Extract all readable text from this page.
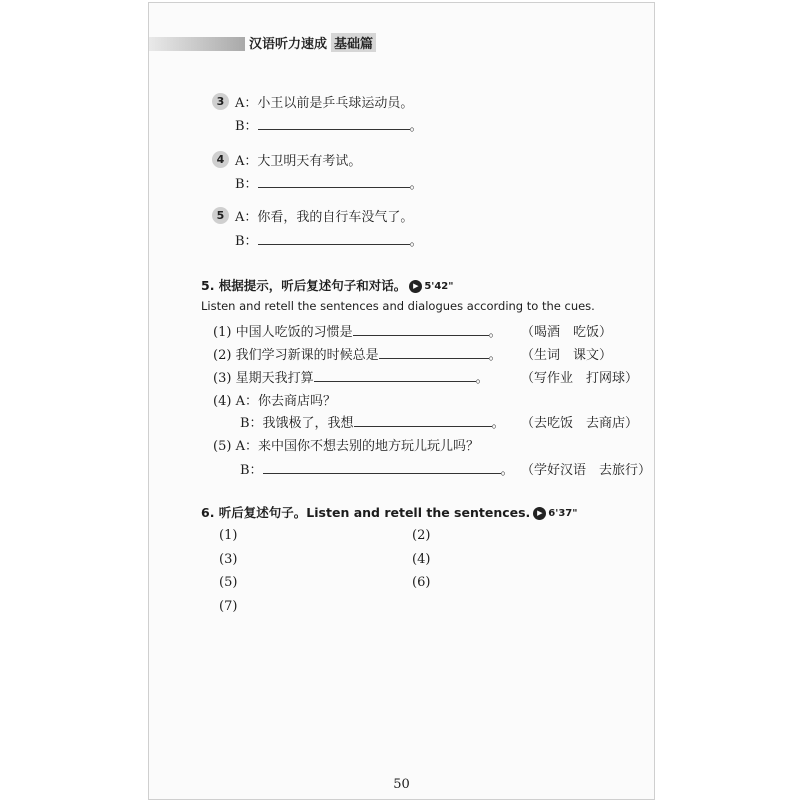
汉语听力速成 基础篇
3 A：小王以前是乒乓球运动员。
B：	。
4 A：大卫明天有考试。
B：	。
5 A：你看，我的自行车没气了。
B：	。
5. 根据提示，听后复述句子和对话。 ▶ 5'42"
Listen and retell the sentences and dialogues according to the cues.
(1) 中国人吃饭的习惯是	。 （喝酒　吃饭）
(2) 我们学习新课的时候总是	。 （生词　课文）
(3) 星期天我打算	。 （写作业　打网球）
(4) A：你去商店吗？
B：我饿极了，我想	。 （去吃饭　去商店）
(5) A：来中国你不想去别的地方玩儿玩儿吗？
B：	。 （学好汉语　去旅行）
6. 听后复述句子。Listen and retell the sentences. ▶ 6'37"
(1)	(2)
(3)	(4)
(5)	(6)
(7)
50
